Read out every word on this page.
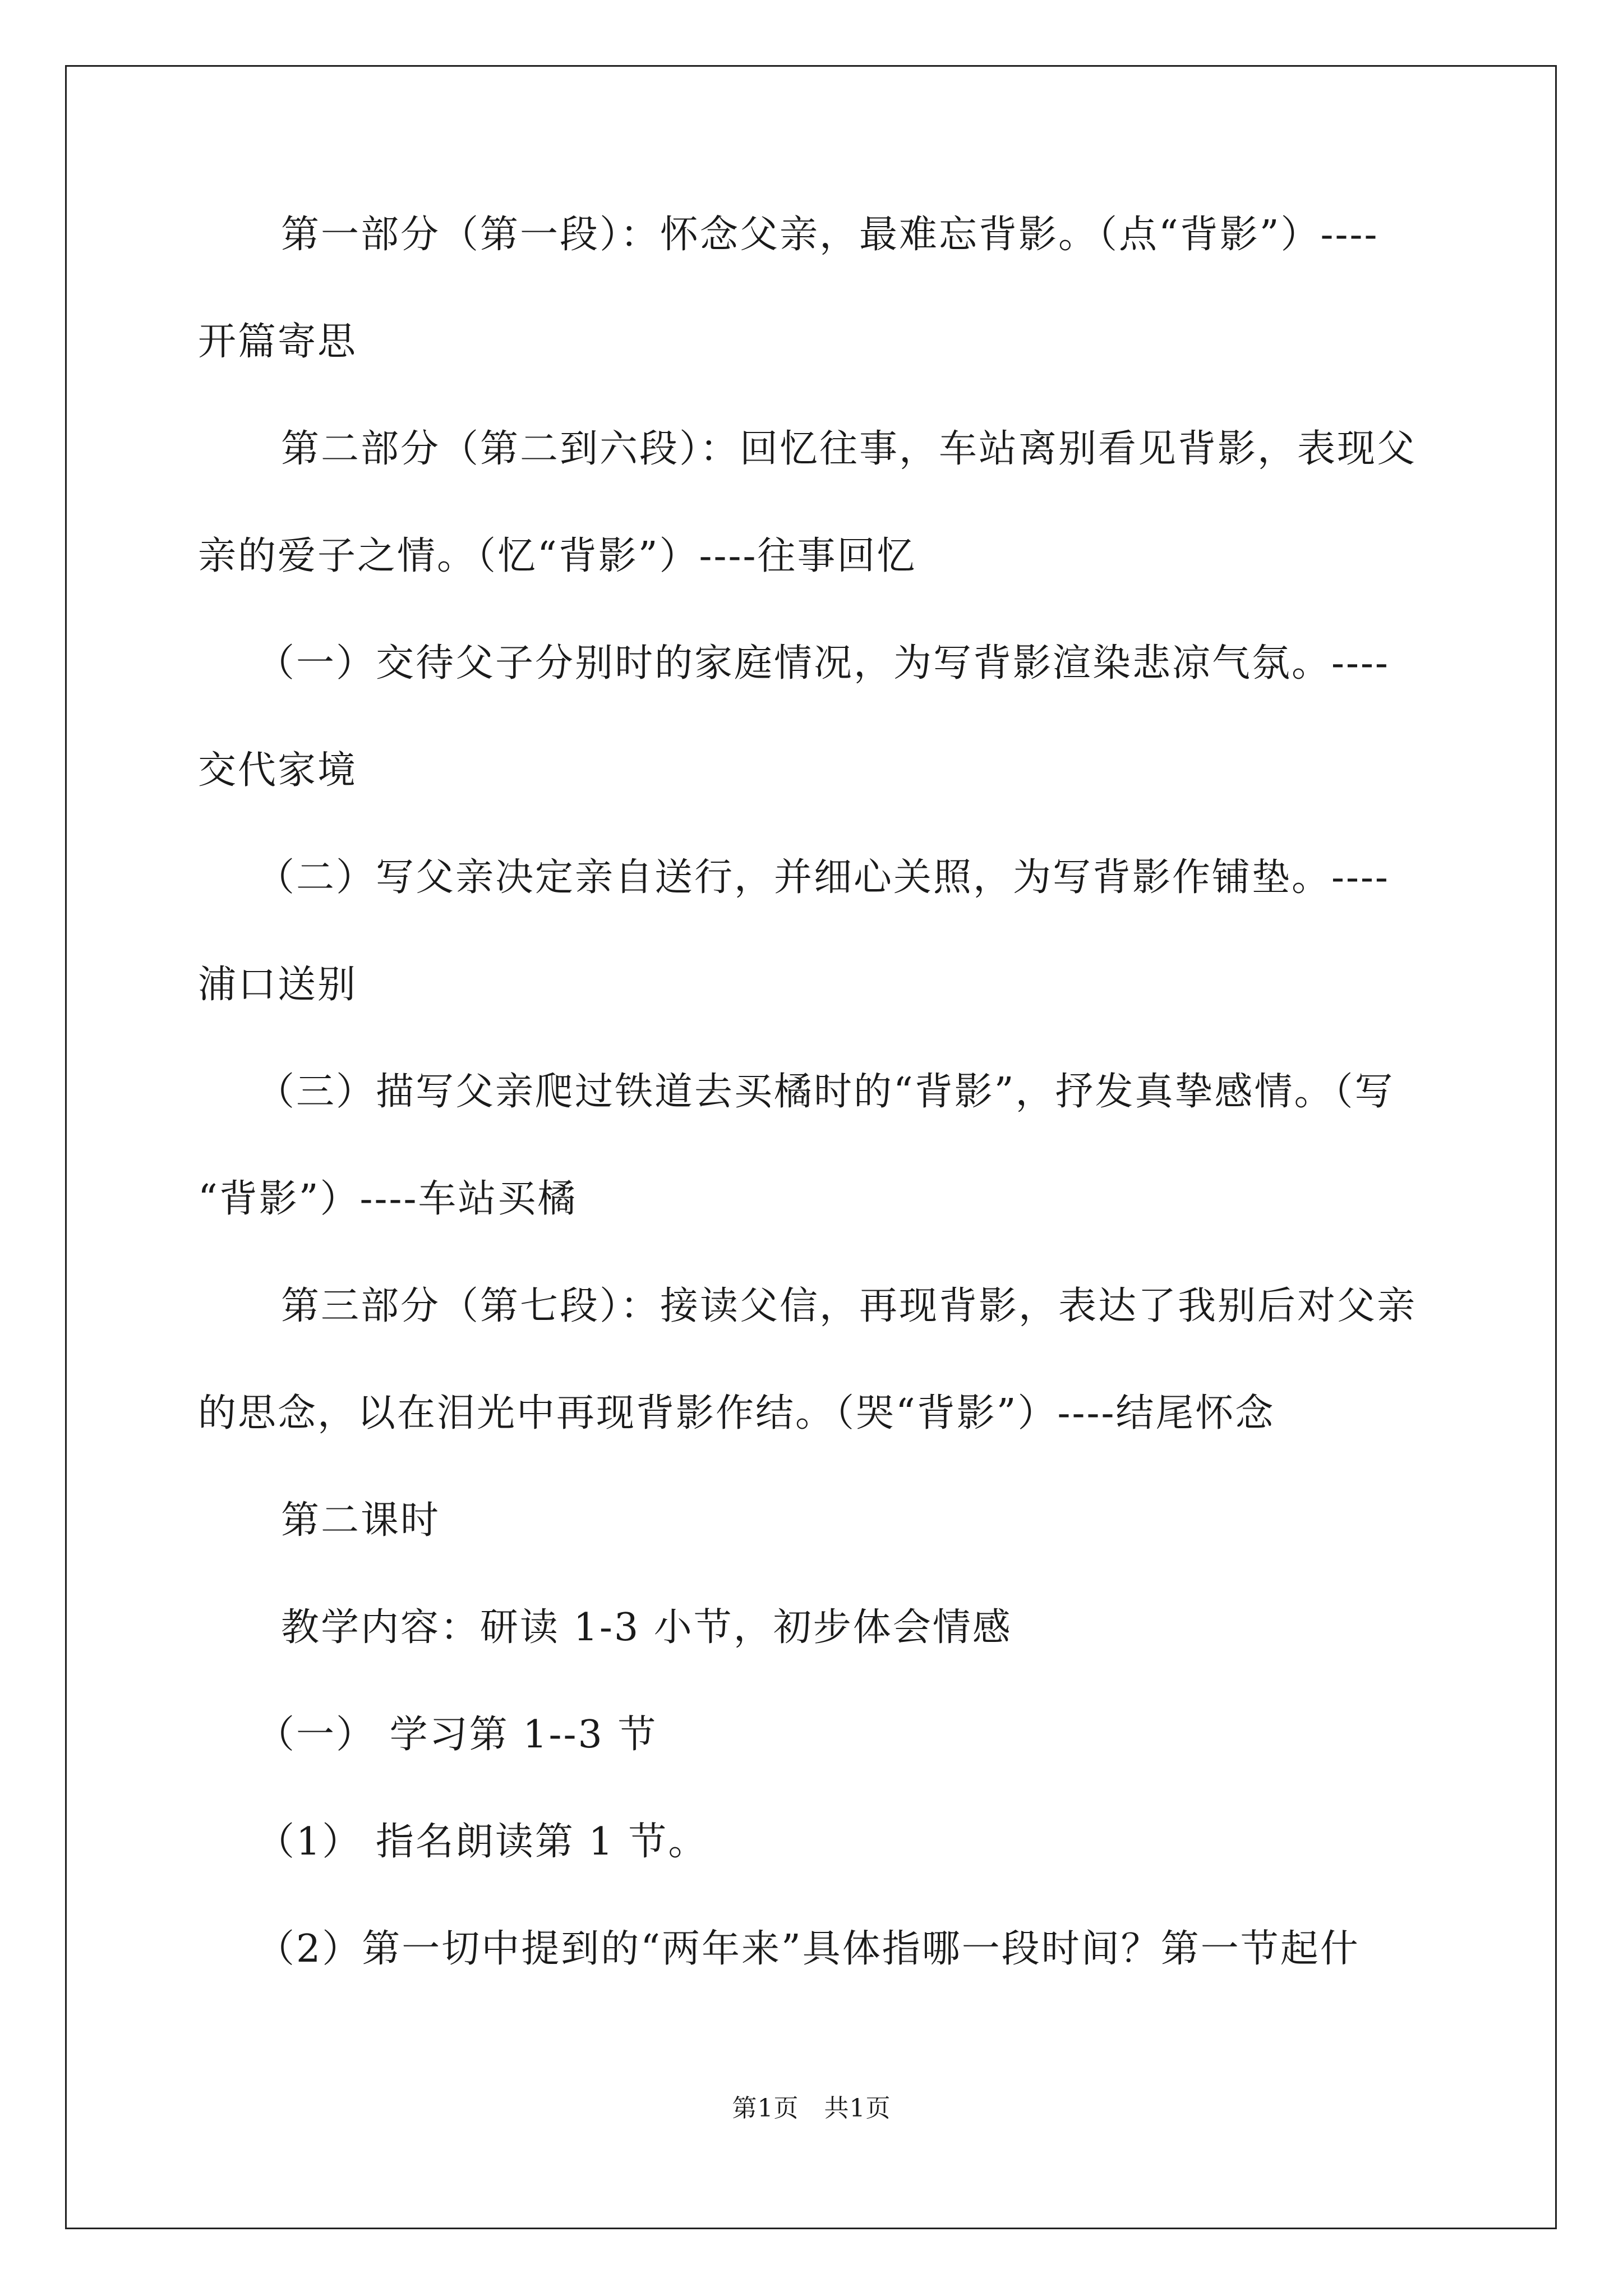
第一部分（第一段）：怀念父亲，最难忘背影。（点“背影”）----
开篇寄思
第二部分（第二到六段）：回忆往事，车站离别看见背影，表现父
亲的爱子之情。（忆“背影”）----往事回忆
（一）交待父子分别时的家庭情况，为写背影渲染悲凉气氛。----
交代家境
（二）写父亲决定亲自送行，并细心关照，为写背影作铺垫。----
浦口送别
（三）描写父亲爬过铁道去买橘时的“背影”，抒发真挚感情。（写
“背影”）----车站买橘
第三部分（第七段）：接读父信，再现背影，表达了我别后对父亲
的思念，以在泪光中再现背影作结。（哭“背影”）----结尾怀念
第二课时
教学内容：研读 1-3 小节，初步体会情感
（一） 学习第 1--3 节
（1） 指名朗读第 1 节。
（2）第一切中提到的“两年来”具体指哪一段时间？第一节起什
第1页　共1页
